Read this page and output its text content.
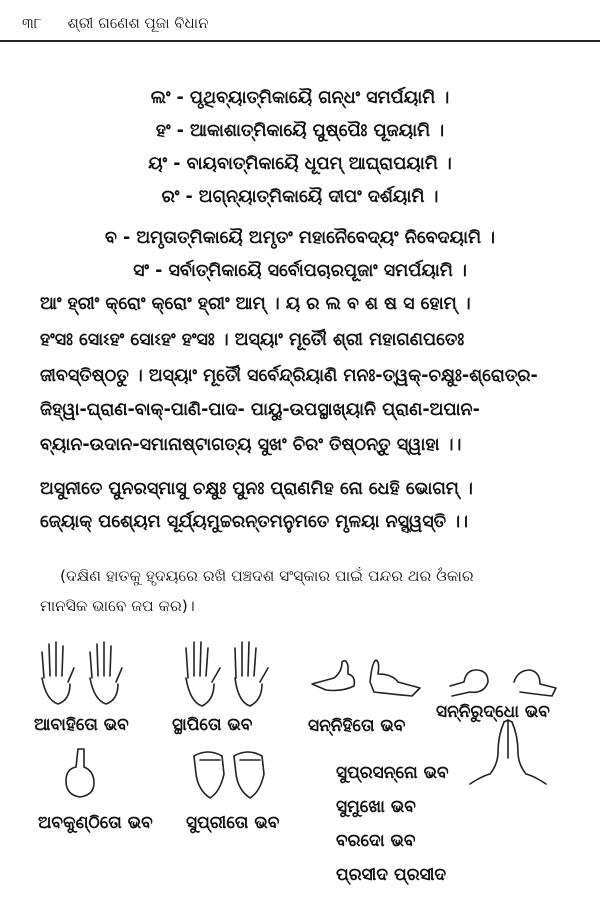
୩୮ ଶ୍ରୀ ଗଣେଶ ପୂଜା ବିଧାନ
ଲଂ - ପୃଥିବ୍ୟାତ୍ମିକାୟୈ ଗନ୍ଧଂ ସମର୍ପୟାମି ।
ହଂ - ଆକାଶାତ୍ମିକାୟୈ ପୁଷ୍ପୈଃ ପୂଜୟାମି ।
ୟଂ - ବାୟବାତ୍ମିକାୟୈ ଧୂପମ୍ ଆଘ୍ରାପୟାମି ।
ରଂ - ଅଗ୍ନ୍ୟାତ୍ମିକାୟୈ ଦୀପଂ ଦର୍ଶୟାମି ।
ବ - ଅମୃତାତ୍ମିକାୟୈ ଅମୃତଂ ମହାନୈବେଦ୍ୟଂ ନିବେଦୟାମି ।
ସଂ - ସର୍ବାତ୍ମିକାୟୈ ସର୍ବୋପଚାରପୂଜାଂ ସମର୍ପୟାମି ।
ଆଂ ହ୍ରୀଂ କ୍ରୋଂ କ୍ରୋଂ ହ୍ରୀଂ ଆମ୍ । ୟ ର ଲ ବ ଶ ଷ ସ ହୋମ୍ ।
ହଂସଃ ସୋଽହଂ ସୋଽହଂ ହଂସଃ । ଅସ୍ୟାଂ ମୂର୍ତୌ ଶ୍ରୀ ମହାଗଣପତେଃ
ଜୀବସ୍ତିଷ୍ଠତୁ । ଅସ୍ୟାଂ ମୂର୍ତୌ ସର୍ବେନ୍ଦ୍ରିୟାଣି ମନଃ-ତ୍ୱକ୍-ଚକ୍ଷୁଃ-ଶ୍ରୋତ୍ର-
ଜିହ୍ୱା-ଘ୍ରାଣ-ବାକ୍-ପାଣି-ପାଦ- ପାୟୁ-ଉପସ୍ଥାଖ୍ୟାନି ପ୍ରାଣ-ଅପାନ-
ବ୍ୟାନ-ଉଦାନ-ସମାନାଷ୍ଟାଗତ୍ୟ ସୁଖଂ ଚିରଂ ତିଷ୍ଠନ୍ତୁ ସ୍ୱାହା ।।
ଅସୁନୀତେ ପୁନରସ୍ମାସୁ ଚକ୍ଷୁଃ ପୁନଃ ପ୍ରାଣମିହ ନୋ ଧେହି ଭୋଗମ୍ ।
ଜ୍ୟୋକ୍ ପଶ୍ୟେମ ସୂର୍ଯ୍ୟମୁଚ୍ଚରନ୍ତମନୁମତେ ମୃଳୟା ନସ୍ସ୍ୱସ୍ତି ।।
(ଦକ୍ଷିଣ ହାତକୁ ହୃଦୟରେ ରଖି ପଞ୍ଚଦଶ ସଂସ୍କାର ପାଇଁ ପନ୍ଦର ଥର ଓଁକାର
ମାନସିକ ଭାବେ ଜପ କର)।
ଆବାହିତୋ ଭବ	ସ୍ଥାପିତୋ ଭବ	ସନ୍ନିହିତୋ ଭବ
ସନ୍ନିରୁଦ୍ଧୋ ଭବ
ଅବକୁଣ୍ଠିତୋ ଭବ ସୁପ୍ରୀତୋ ଭବ
ସୁପ୍ରସନ୍ନୋ ଭବ
ସୁମୁଖୋ ଭବ
ବରଦୋ ଭବ
ପ୍ରସୀଦ ପ୍ରସୀଦ
